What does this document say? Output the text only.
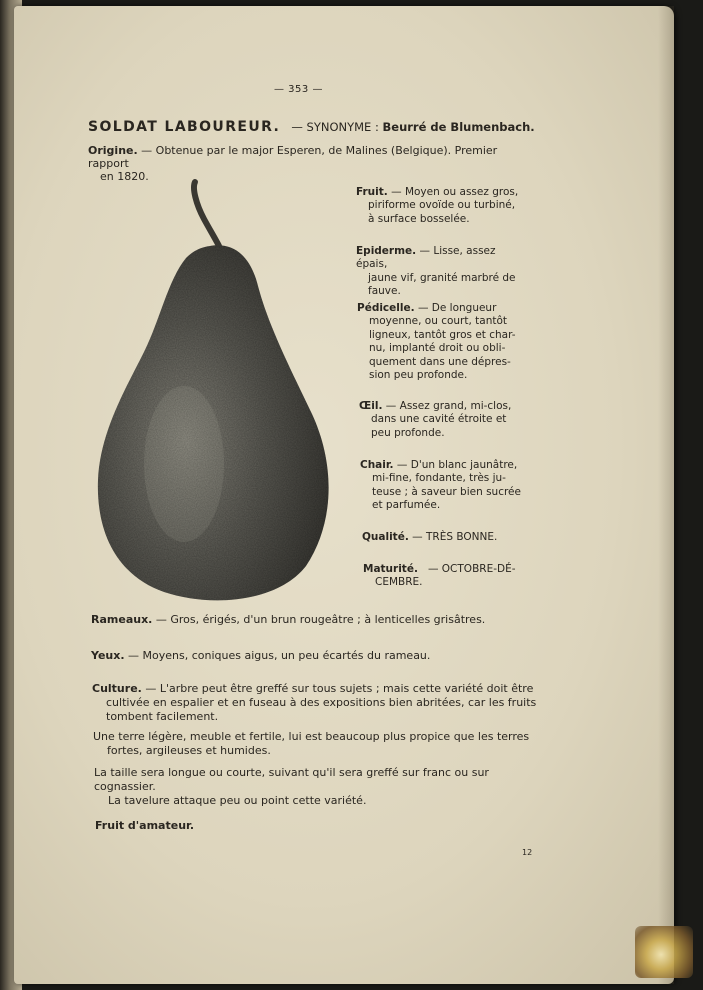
— 353 —
SOLDAT LABOUREUR. — SYNONYME : Beurré de Blumenbach.
Origine. — Obtenue par le major Esperen, de Malines (Belgique). Premier rapport
en 1820.
Fruit. — Moyen ou assez gros,
piriforme ovoïde ou turbiné,
à surface bosselée.
Epiderme. — Lisse, assez épais,
jaune vif, granité marbré de
fauve.
Pédicelle. — De longueur
moyenne, ou court, tantôt
ligneux, tantôt gros et char-
nu, implanté droit ou obli-
quement dans une dépres-
sion peu profonde.
Œil. — Assez grand, mi-clos,
dans une cavité étroite et
peu profonde.
Chair. — D'un blanc jaunâtre,
mi-fine, fondante, très ju-
teuse ; à saveur bien sucrée
et parfumée.
Qualité. — TRÈS BONNE.
Maturité. — OCTOBRE-DÉ-
CEMBRE.
Rameaux. — Gros, érigés, d'un brun rougeâtre ; à lenticelles grisâtres.
Yeux. — Moyens, coniques aigus, un peu écartés du rameau.
Culture. — L'arbre peut être greffé sur tous sujets ; mais cette variété doit être
cultivée en espalier et en fuseau à des expositions bien abritées, car les fruits
tombent facilement.
Une terre légère, meuble et fertile, lui est beaucoup plus propice que les terres
fortes, argileuses et humides.
La taille sera longue ou courte, suivant qu'il sera greffé sur franc ou sur cognassier.
La tavelure attaque peu ou point cette variété.
Fruit d'amateur.
12
